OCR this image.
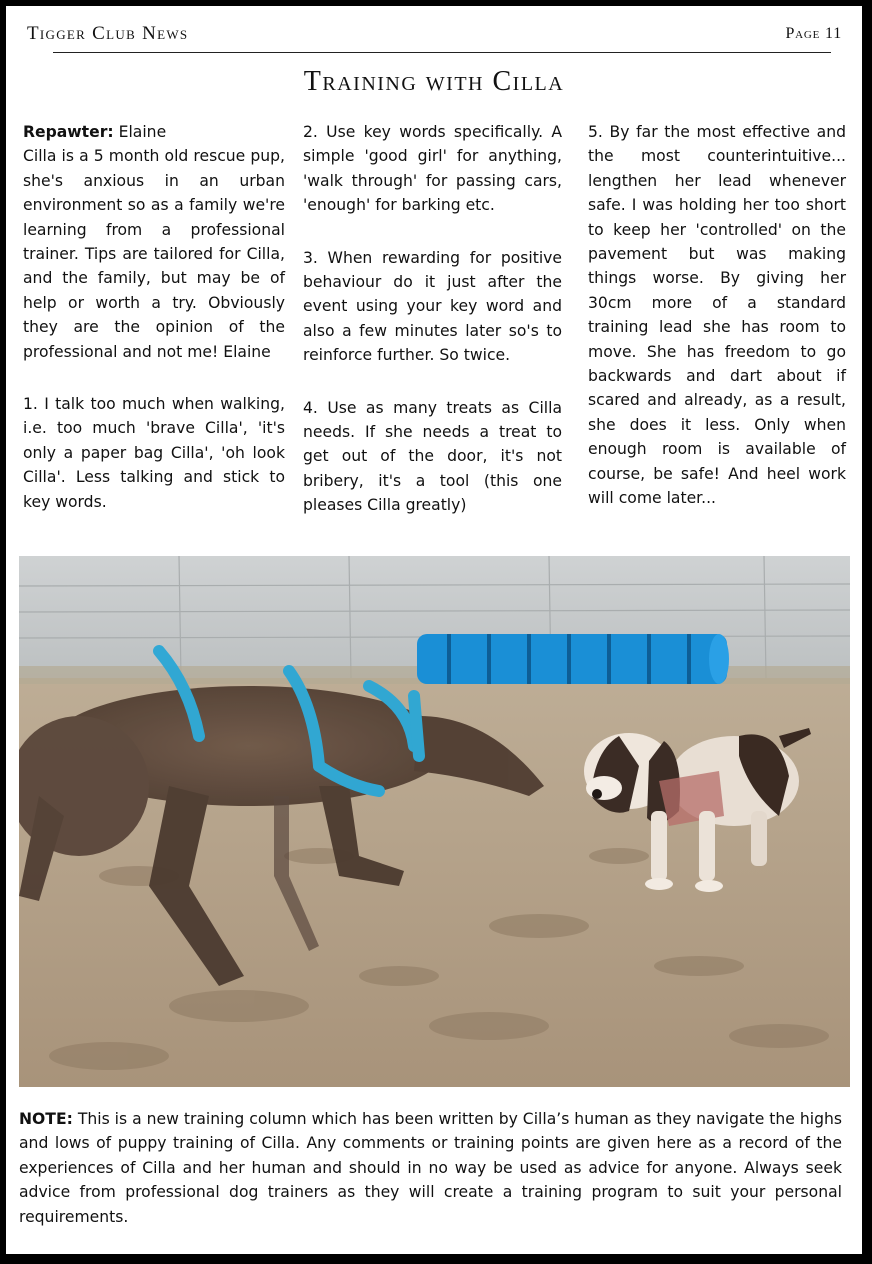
Tigger Club News	Page 11
Training with Cilla
Repawter: Elaine

Cilla is a 5 month old rescue pup, she's anxious in an urban environment so as a family we're learning from a professional trainer. Tips are tailored for Cilla, and the family, but may be of help or worth a try. Obviously they are the opinion of the professional and not me! Elaine

1. I talk too much when walking, i.e. too much 'brave Cilla', 'it's only a paper bag Cilla', 'oh look Cilla'. Less talking and stick to key words.

2. Use key words specifically. A simple 'good girl' for anything, 'walk through' for passing cars, 'enough' for barking etc.

3. When rewarding for positive behaviour do it just after the event using your key word and also a few minutes later so's to reinforce further. So twice.

4. Use as many treats as Cilla needs. If she needs a treat to get out of the door, it's not bribery, it's a tool (this one pleases Cilla greatly)

5. By far the most effective and the most counterintuitive... lengthen her lead whenever safe. I was holding her too short to keep her 'controlled' on the pavement but was making things worse. By giving her 30cm more of a standard training lead she has room to move. She has freedom to go backwards and dart about if scared and already, as a result, she does it less. Only when enough room is available of course, be safe! And heel work will come later...

NOTE: This is a new training column which has been written by Cilla’s human as they navigate the highs and lows of puppy training of Cilla. Any comments or training points are given here as a record of the experiences of Cilla and her human and should in no way be used as advice for anyone. Always seek advice from professional dog trainers as they will create a training program to suit your personal requirements.
